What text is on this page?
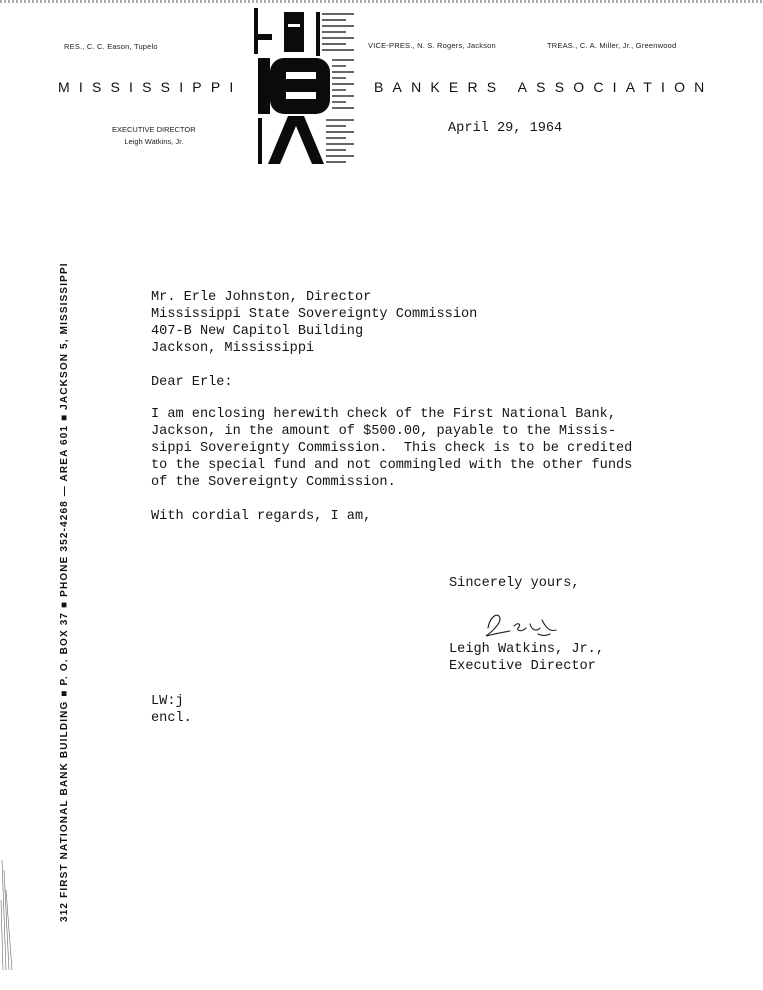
RES., C. C. Eason, Tupelo	VICE-PRES., N. S. Rogers, Jackson	TREAS., C. A. Miller, Jr., Greenwood
MISSISSIPPI	BANKERS ASSOCIATION
EXECUTIVE DIRECTOR
Leigh Watkins, Jr.
312 FIRST NATIONAL BANK BUILDING ■ P. O. BOX 37 ■ PHONE 352-4268 — AREA 601 ■ JACKSON 5, MISSISSIPPI
April 29, 1964
Mr. Erle Johnston, Director
Mississippi State Sovereignty Commission
407-B New Capitol Building
Jackson, Mississippi
Dear Erle:
I am enclosing herewith check of the First National Bank,
Jackson, in the amount of $500.00, payable to the Missis-
sippi Sovereignty Commission.  This check is to be credited
to the special fund and not commingled with the other funds
of the Sovereignty Commission.
With cordial regards, I am,
Sincerely yours,
Leigh Watkins, Jr.,
Executive Director
LW:j
encl.
